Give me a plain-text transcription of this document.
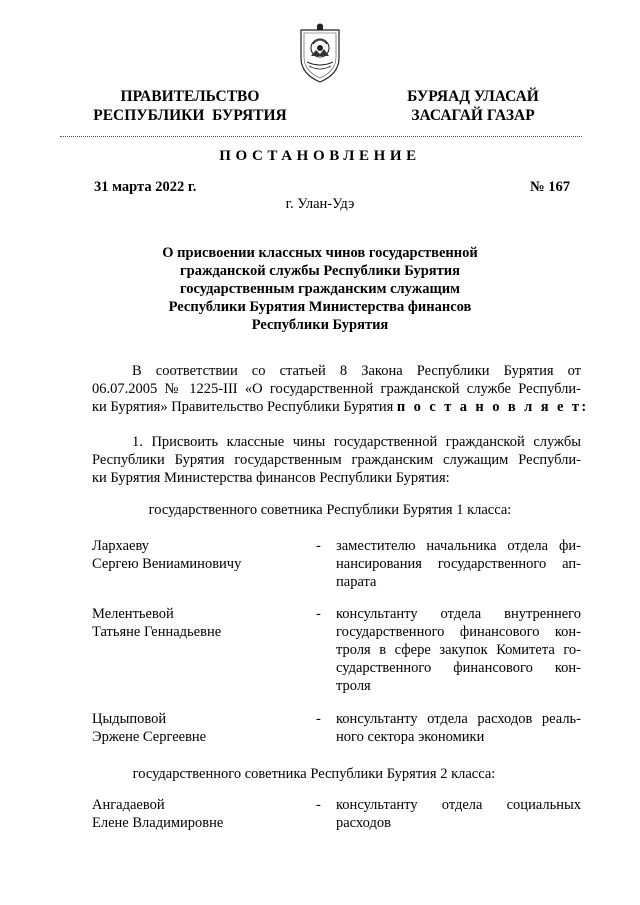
ПРАВИТЕЛЬСТВО
РЕСПУБЛИКИ  БУРЯТИЯ
БУРЯАД УЛАСАЙ
ЗАСАГАЙ ГАЗАР
ПОСТАНОВЛЕНИЕ
31 марта 2022 г.	№ 167
г. Улан-Удэ
О присвоении классных чинов государственной
гражданской службы Республики Бурятия
государственным гражданским служащим
Республики Бурятия Министерства финансов
Республики Бурятия
В соответствии со статьей 8 Закона Республики Бурятия от
06.07.2005 № 1225-III «О государственной гражданской службе Республи-
ки Бурятия» Правительство Республики Бурятия п о с т а н о в л я е т:
1. Присвоить классные чины государственной гражданской службы
Республики Бурятия государственным гражданским служащим Республи-
ки Бурятия Министерства финансов Республики Бурятия:
государственного советника Республики Бурятия 1 класса:
Лархаеву
Сергею Вениаминовичу
- заместителю начальника отдела фи-
нансирования государственного ап-
парата
Мелентьевой
Татьяне Геннадьевне
- консультанту отдела внутреннего
государственного финансового кон-
троля в сфере закупок Комитета го-
сударственного финансового кон-
троля
Цыдыповой
Эржене Сергеевне
- консультанту отдела расходов реаль-
ного сектора экономики
государственного советника Республики Бурятия 2 класса:
Ангадаевой
Елене Владимировне
- консультанту отдела социальных
расходов
